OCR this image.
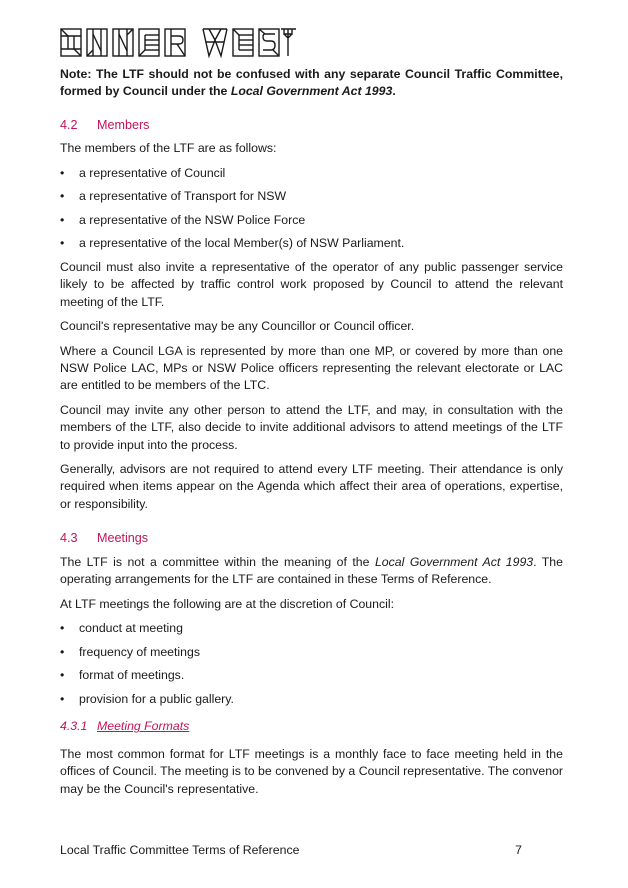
Note: The LTF should not be confused with any separate Council Traffic Committee, formed by Council under the Local Government Act 1993.

4.2 Members

The members of the LTF are as follows:

• a representative of Council
• a representative of Transport for NSW
• a representative of the NSW Police Force
• a representative of the local Member(s) of NSW Parliament.

Council must also invite a representative of the operator of any public passenger service likely to be affected by traffic control work proposed by Council to attend the relevant meeting of the LTF.

Council's representative may be any Councillor or Council officer.

Where a Council LGA is represented by more than one MP, or covered by more than one NSW Police LAC, MPs or NSW Police officers representing the relevant electorate or LAC are entitled to be members of the LTC.

Council may invite any other person to attend the LTF, and may, in consultation with the members of the LTF, also decide to invite additional advisors to attend meetings of the LTF to provide input into the process.

Generally, advisors are not required to attend every LTF meeting. Their attendance is only required when items appear on the Agenda which affect their area of operations, expertise, or responsibility.

4.3 Meetings

The LTF is not a committee within the meaning of the Local Government Act 1993. The operating arrangements for the LTF are contained in these Terms of Reference.

At LTF meetings the following are at the discretion of Council:

• conduct at meeting
• frequency of meetings
• format of meetings.
• provision for a public gallery.
4.3.1 Meeting Formats

The most common format for LTF meetings is a monthly face to face meeting held in the offices of Council. The meeting is to be convened by a Council representative. The convenor may be the Council's representative.

Local Traffic Committee Terms of Reference	7
